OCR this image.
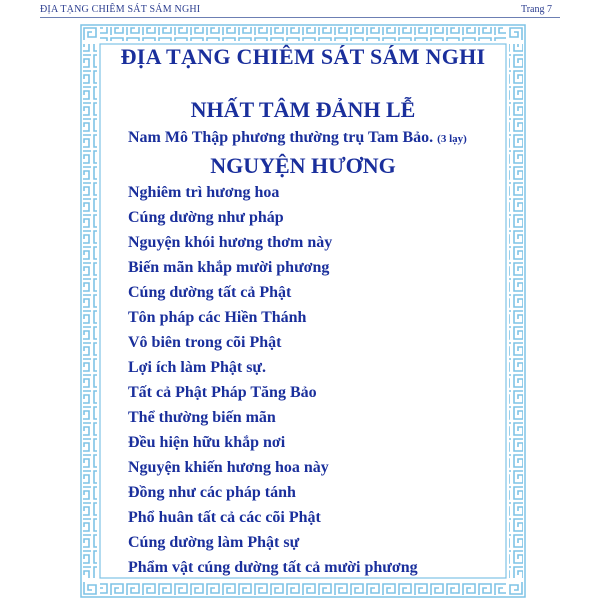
ĐỊA TẠNG CHIÊM SÁT SÁM NGHI	Trang 7
ĐỊA TẠNG CHIÊM SÁT SÁM NGHI
NHẤT TÂM ĐẢNH LỄ
Nam Mô Thập phương thường trụ Tam Bảo. (3 lạy)
NGUYỆN HƯƠNG
Nghiêm trì hương hoa
Cúng dường như pháp
Nguyện khói hương thơm này
Biến mãn khắp mười phương
Cúng dường tất cả Phật
Tôn pháp các Hiền Thánh
Vô biên trong cõi Phật
Lợi ích làm Phật sự.
Tất cả Phật Pháp Tăng Bảo
Thể thường biến mãn
Đều hiện hữu khắp nơi
Nguyện khiến hương hoa này
Đồng như các pháp tánh
Phổ huân tất cả các cõi Phật
Cúng dường làm Phật sự
Phẩm vật cúng dường tất cả mười phương
